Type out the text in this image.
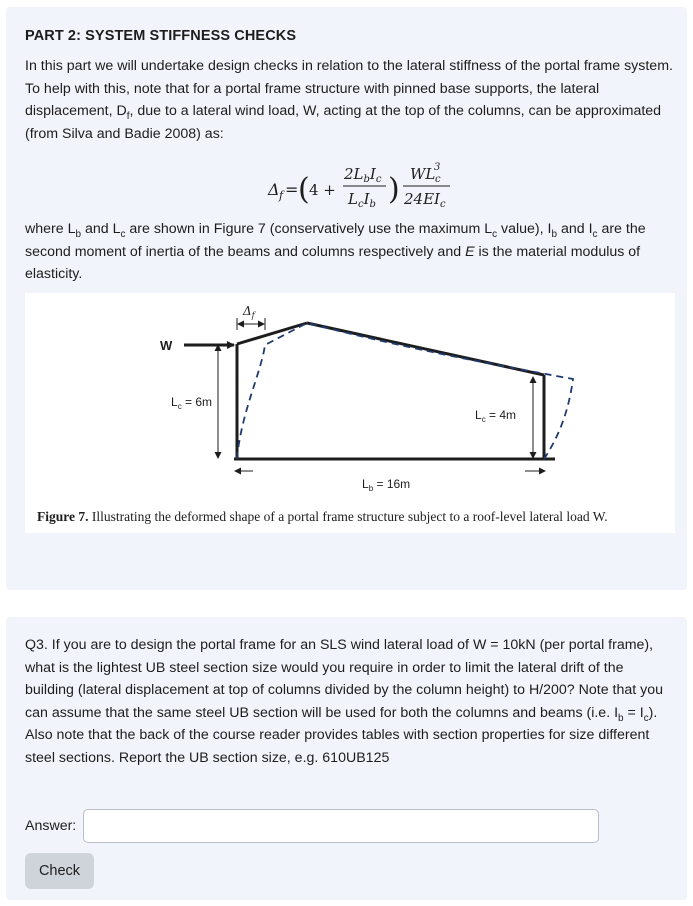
PART 2: SYSTEM STIFFNESS CHECKS

In this part we will undertake design checks in relation to the lateral stiffness of the portal frame system. To help with this, note that for a portal frame structure with pinned base supports, the lateral displacement, $D_f$, due to a lateral wind load, W, acting at the top of the columns, can be approximated (from Silva and Badie 2008) as:

Δ f = ( 4 +
$2L_bI_c$
$L_cI_b$ ) WL
3
c
$24EI_c$

where $L_b$ and $L_c$ are shown in Figure 7 (conservatively use the maximum $L_c$ value), $I_b$ and $I_c$ are the second moment of inertia of the beams and columns respectively and E is the material modulus of elasticity.

W
$\Delta_f$
$L_c = 6m$
$L_c = 4m$
$L_b = 16m$
Figure 7. Illustrating the deformed shape of a portal frame structure subject to a roof-level lateral load W.

Q3. If you are to design the portal frame for an SLS wind lateral load of W = 10kN (per portal frame), what is the lightest UB steel section size would you require in order to limit the lateral drift of the building (lateral displacement at top of columns divided by the column height) to H/200? Note that you can assume that the same steel UB section will be used for both the columns and beams (i.e. $I_b = I_c$). Also note that the back of the course reader provides tables with section properties for size different steel sections. Report the UB section size, e.g. 610UB125

Answer:
Check
